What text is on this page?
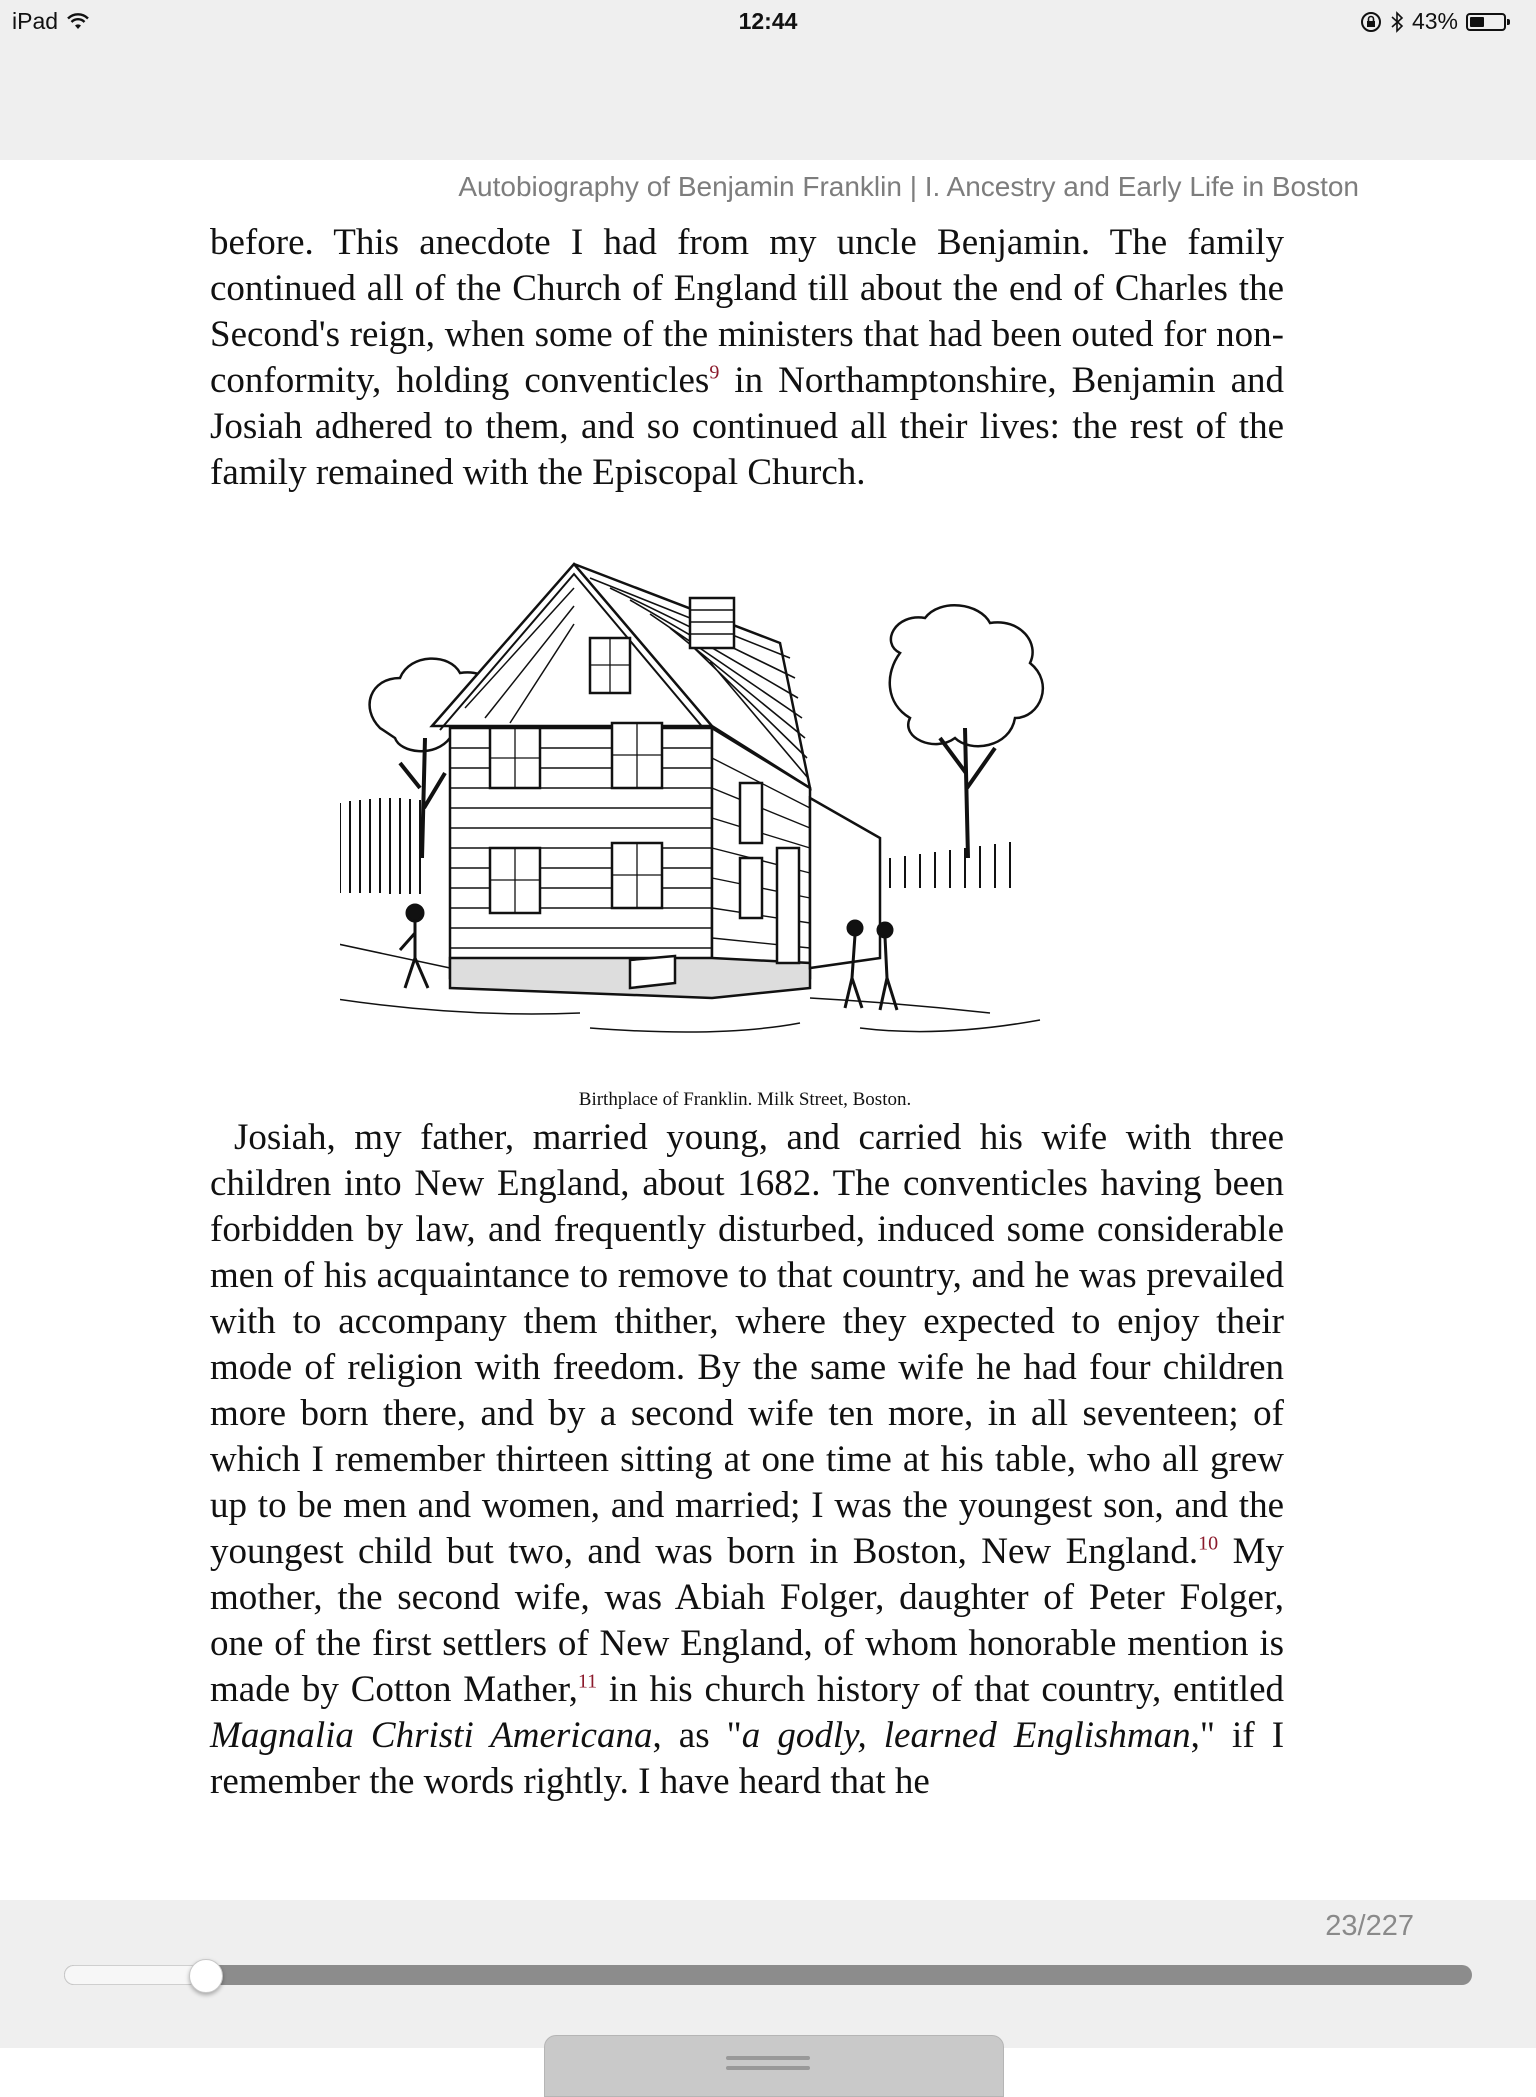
iPad	12:44	43%
Autobiography of Benjamin Franklin | I. Ancestry and Early Life in Boston

before. This anecdote I had from my uncle Benjamin. The family continued all of the Church of England till about the end of Charles the Second's reign, when some of the ministers that had been outed for non-conformity, holding conventicles$^9$ in Northamptonshire, Benjamin and Josiah adhered to them, and so continued all their lives: the rest of the family remained with the Episcopal Church.

Birthplace of Franklin. Milk Street, Boston.

Josiah, my father, married young, and carried his wife with three children into New England, about 1682. The conventicles having been forbidden by law, and frequently disturbed, induced some considerable men of his acquaintance to remove to that country, and he was prevailed with to accompany them thither, where they expected to enjoy their mode of religion with freedom. By the same wife he had four children more born there, and by a second wife ten more, in all seventeen; of which I remember thirteen sitting at one time at his table, who all grew up to be men and women, and married; I was the youngest son, and the youngest child but two, and was born in Boston, New England.$^{10}$ My mother, the second wife, was Abiah Folger, daughter of Peter Folger, one of the first settlers of New England, of whom honorable mention is made by Cotton Mather,$^{11}$ in his church history of that country, entitled Magnalia Christi Americana, as "a godly, learned Englishman," if I remember the words rightly. I have heard that he

23/227
